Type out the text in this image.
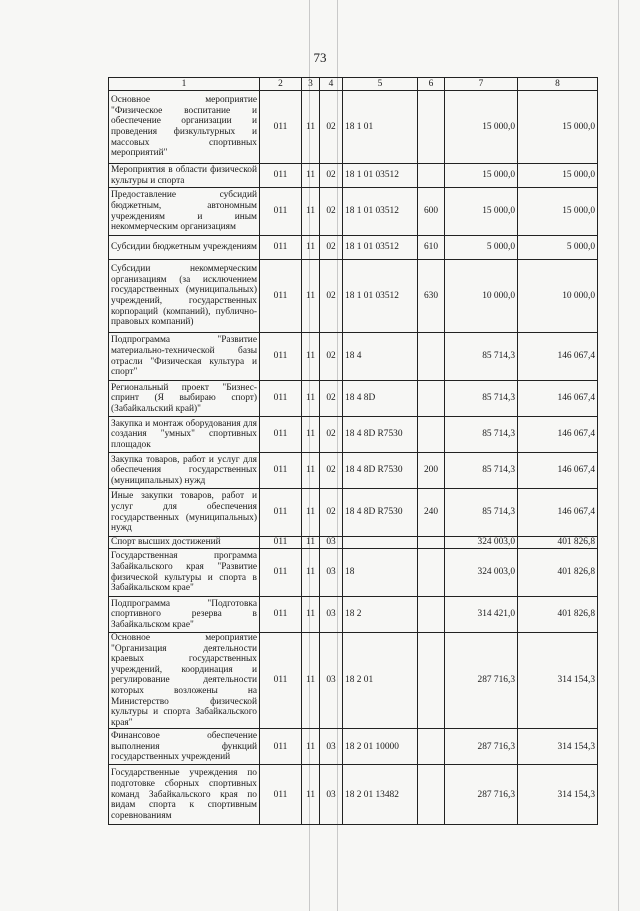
73
1	2	3	4	5	6	7	8
Основное мероприятие "Физическое воспитание и обеспечение организации и проведения физкультурных и массовых спортивных мероприятий"	011	11	02	18 1 01		15 000,0	15 000,0
Мероприятия в области физической культуры и спорта	011	11	02	18 1 01 03512		15 000,0	15 000,0
Предоставление субсидий бюджетным, автономным учреждениям и иным некоммерческим организациям	011	11	02	18 1 01 03512	600	15 000,0	15 000,0
Субсидии бюджетным учреждениям	011	11	02	18 1 01 03512	610	5 000,0	5 000,0
Субсидии некоммерческим организациям (за исключением государственных (муниципальных) учреждений, государственных корпораций (компаний), публично-правовых компаний)	011	11	02	18 1 01 03512	630	10 000,0	10 000,0
Подпрограмма "Развитие материально-технической базы отрасли "Физическая культура и спорт"	011	11	02	18 4		85 714,3	146 067,4
Региональный проект "Бизнес-спринт (Я выбираю спорт) (Забайкальский край)"	011	11	02	18 4 8D		85 714,3	146 067,4
Закупка и монтаж оборудования для создания "умных" спортивных площадок	011	11	02	18 4 8D R7530		85 714,3	146 067,4
Закупка товаров, работ и услуг для обеспечения государственных (муниципальных) нужд	011	11	02	18 4 8D R7530	200	85 714,3	146 067,4
Иные закупки товаров, работ и услуг для обеспечения государственных (муниципальных) нужд	011	11	02	18 4 8D R7530	240	85 714,3	146 067,4
Спорт высших достижений	011	11	03			324 003,0	401 826,8
Государственная программа Забайкальского края "Развитие физической культуры и спорта в Забайкальском крае"	011	11	03	18		324 003,0	401 826,8
Подпрограмма "Подготовка спортивного резерва в Забайкальском крае"	011	11	03	18 2		314 421,0	401 826,8
Основное мероприятие "Организация деятельности краевых государственных учреждений, координация и регулирование деятельности которых возложены на Министерство физической культуры и спорта Забайкальского края"	011	11	03	18 2 01		287 716,3	314 154,3
Финансовое обеспечение выполнения функций государственных учреждений	011	11	03	18 2 01 10000		287 716,3	314 154,3
Государственные учреждения по подготовке сборных спортивных команд Забайкальского края по видам спорта к спортивным соревнованиям	011	11	03	18 2 01 13482		287 716,3	314 154,3
